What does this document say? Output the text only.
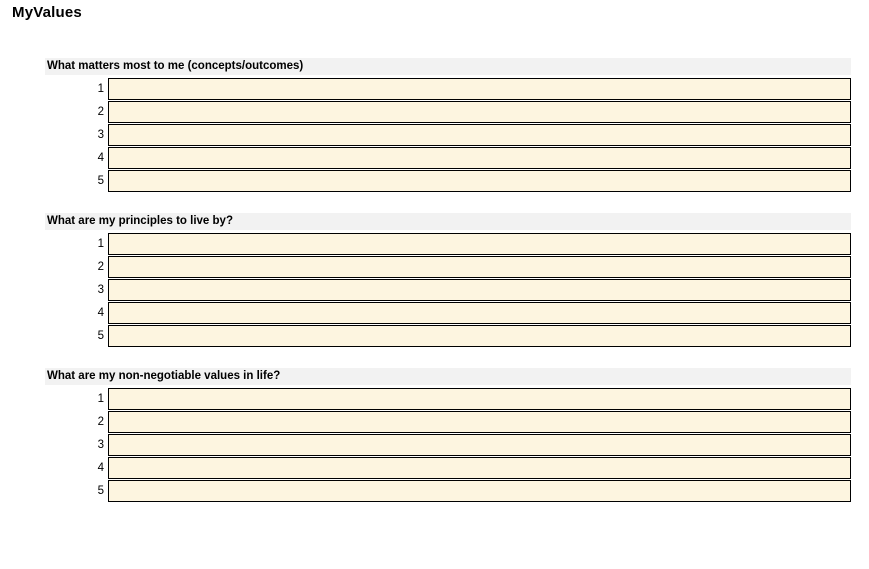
MyValues
What matters most to me (concepts/outcomes)
1
2
3
4
5
What are my principles to live by?
1
2
3
4
5
What are my non-negotiable values in life?
1
2
3
4
5
